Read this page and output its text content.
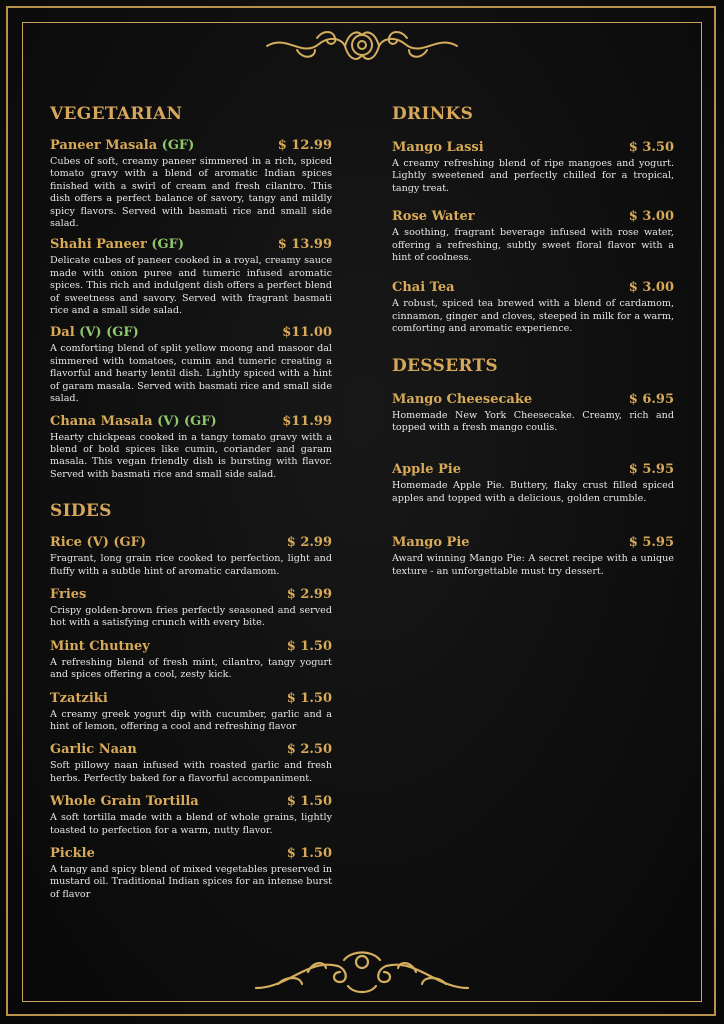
VEGETARIAN
Paneer Masala (GF)	$ 12.99

Cubes of soft, creamy paneer simmered in a rich, spiced tomato gravy with a blend of aromatic Indian spices finished with a swirl of cream and fresh cilantro. This dish offers a perfect balance of savory, tangy and mildly spicy flavors. Served with basmati rice and small side salad.

Shahi Paneer (GF)	$ 13.99

Delicate cubes of paneer cooked in a royal, creamy sauce made with onion puree and tumeric infused aromatic spices. This rich and indulgent dish offers a perfect blend of sweetness and savory. Served with fragrant basmati rice and a small side salad.

Dal (V) (GF)	$11.00

A comforting blend of split yellow moong and masoor dal simmered with tomatoes, cumin and tumeric creating a flavorful and hearty lentil dish. Lightly spiced with a hint of garam masala. Served with basmati rice and small side salad.

Chana Masala (V) (GF)	$11.99

Hearty chickpeas cooked in a tangy tomato gravy with a blend of bold spices like cumin, coriander and garam masala. This vegan friendly dish is bursting with flavor. Served with basmati rice and small side salad.

SIDES
Rice (V) (GF)	$ 2.99

Fragrant, long grain rice cooked to perfection, light and fluffy with a subtle hint of aromatic cardamom.

Fries	$ 2.99

Crispy golden-brown fries perfectly seasoned and served hot with a satisfying crunch with every bite.

Mint Chutney	$ 1.50

A refreshing blend of fresh mint, cilantro, tangy yogurt and spices offering a cool, zesty kick.

Tzatziki	$ 1.50

A creamy greek yogurt dip with cucumber, garlic and a hint of lemon, offering a cool and refreshing flavor

Garlic Naan	$ 2.50

Soft pillowy naan infused with roasted garlic and fresh herbs. Perfectly baked for a flavorful accompaniment.

Whole Grain Tortilla	$ 1.50

A soft tortilla made with a blend of whole grains, lightly toasted to perfection for a warm, nutty flavor.

Pickle	$ 1.50

A tangy and spicy blend of mixed vegetables preserved in mustard oil. Traditional Indian spices for an intense burst of flavor

DRINKS
Mango Lassi	$ 3.50

A creamy refreshing blend of ripe mangoes and yogurt. Lightly sweetened and perfectly chilled for a tropical, tangy treat.

Rose Water	$ 3.00

A soothing, fragrant beverage infused with rose water, offering a refreshing, subtly sweet floral flavor with a hint of coolness.

Chai Tea	$ 3.00

A robust, spiced tea brewed with a blend of cardamom, cinnamon, ginger and cloves, steeped in milk for a warm, comforting and aromatic experience.

DESSERTS
Mango Cheesecake	$ 6.95

Homemade New York Cheesecake. Creamy, rich and topped with a fresh mango coulis.

Apple Pie	$ 5.95

Homemade Apple Pie. Buttery, flaky crust filled spiced apples and topped with a delicious, golden crumble.

Mango Pie	$ 5.95

Award winning Mango Pie: A secret recipe with a unique texture - an unforgettable must try dessert.
